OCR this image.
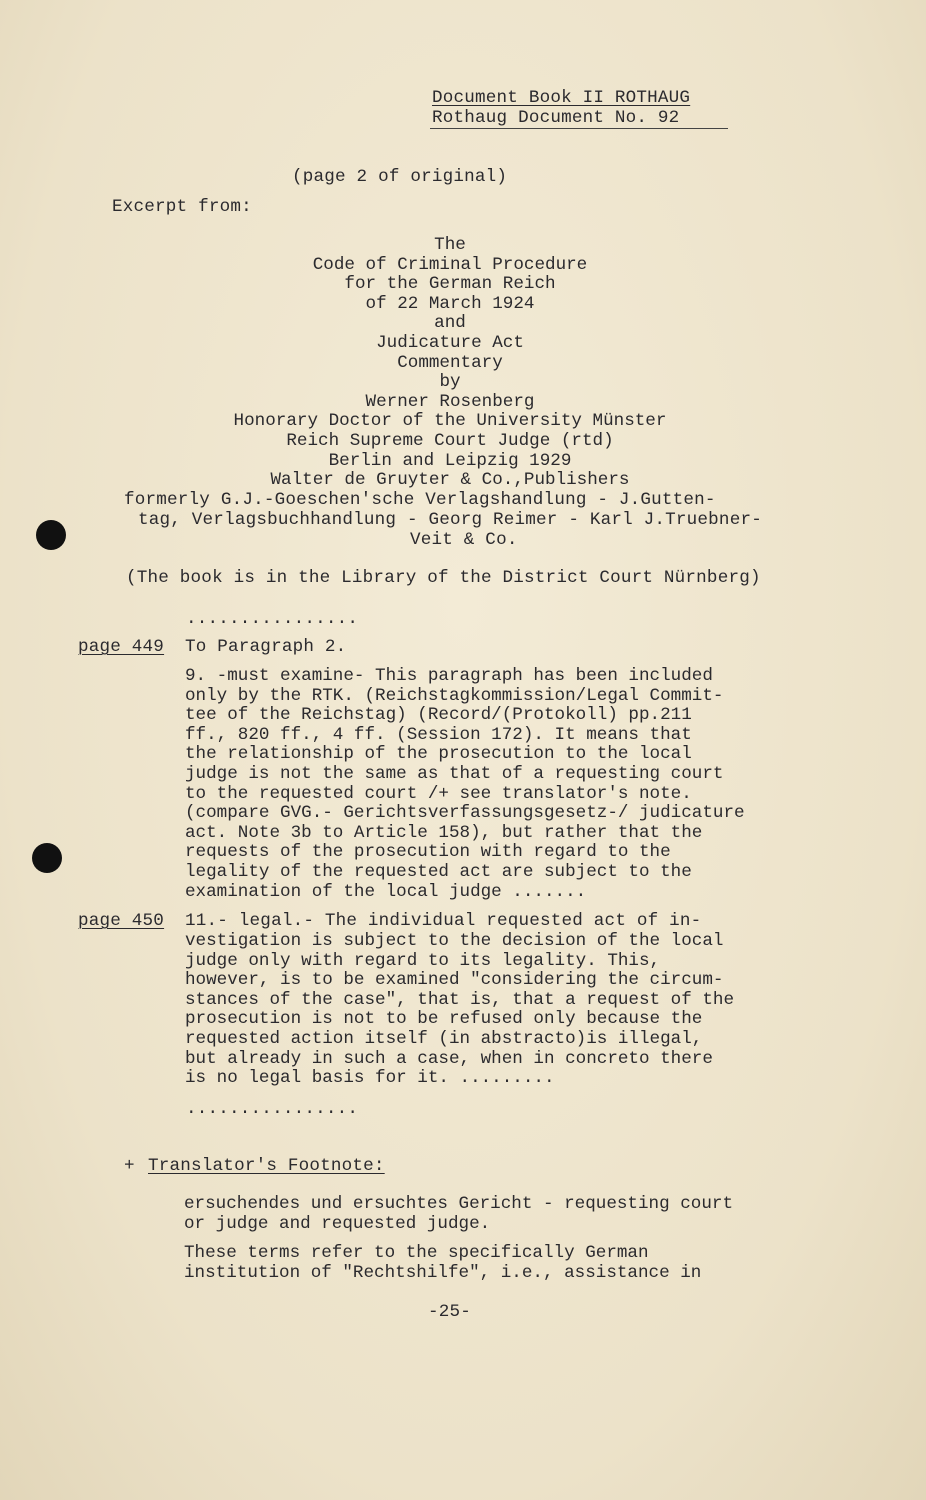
Document Book II ROTHAUG
Rothaug Document No. 92
(page 2 of original)
Excerpt from:
The
Code of Criminal Procedure
for the German Reich
of 22 March 1924
and
Judicature Act
Commentary
by
Werner Rosenberg
Honorary Doctor of the University Münster
Reich Supreme Court Judge (rtd)
Berlin and Leipzig 1929
Walter de Gruyter & Co.,Publishers
formerly G.J.-Goeschen'sche Verlagshandlung - J.Gutten-
tag, Verlagsbuchhandlung - Georg Reimer - Karl J.Truebner-
Veit & Co.
(The book is in the Library of the District Court Nürnberg)
................
page 449 To Paragraph 2.
9. -must examine- This paragraph has been included
only by the RTK. (Reichstagkommission/Legal Commit-
tee of the Reichstag) (Record/(Protokoll) pp.211
ff., 820 ff., 4 ff. (Session 172). It means that
the relationship of the prosecution to the local
judge is not the same as that of a requesting court
to the requested court /+ see translator's note.
(compare GVG.- Gerichtsverfassungsgesetz-/ judicature
act. Note 3b to Article 158), but rather that the
requests of the prosecution with regard to the
legality of the requested act are subject to the
examination of the local judge .......
page 450 11.- legal.- The individual requested act of in-
vestigation is subject to the decision of the local
judge only with regard to its legality. This,
however, is to be examined "considering the circum-
stances of the case", that is, that a request of the
prosecution is not to be refused only because the
requested action itself (in abstracto)is illegal,
but already in such a case, when in concreto there
is no legal basis for it. .........
................
+ Translator's Footnote:
ersuchendes und ersuchtes Gericht - requesting court
or judge and requested judge.
These terms refer to the specifically German
institution of "Rechtshilfe", i.e., assistance in
-25-
